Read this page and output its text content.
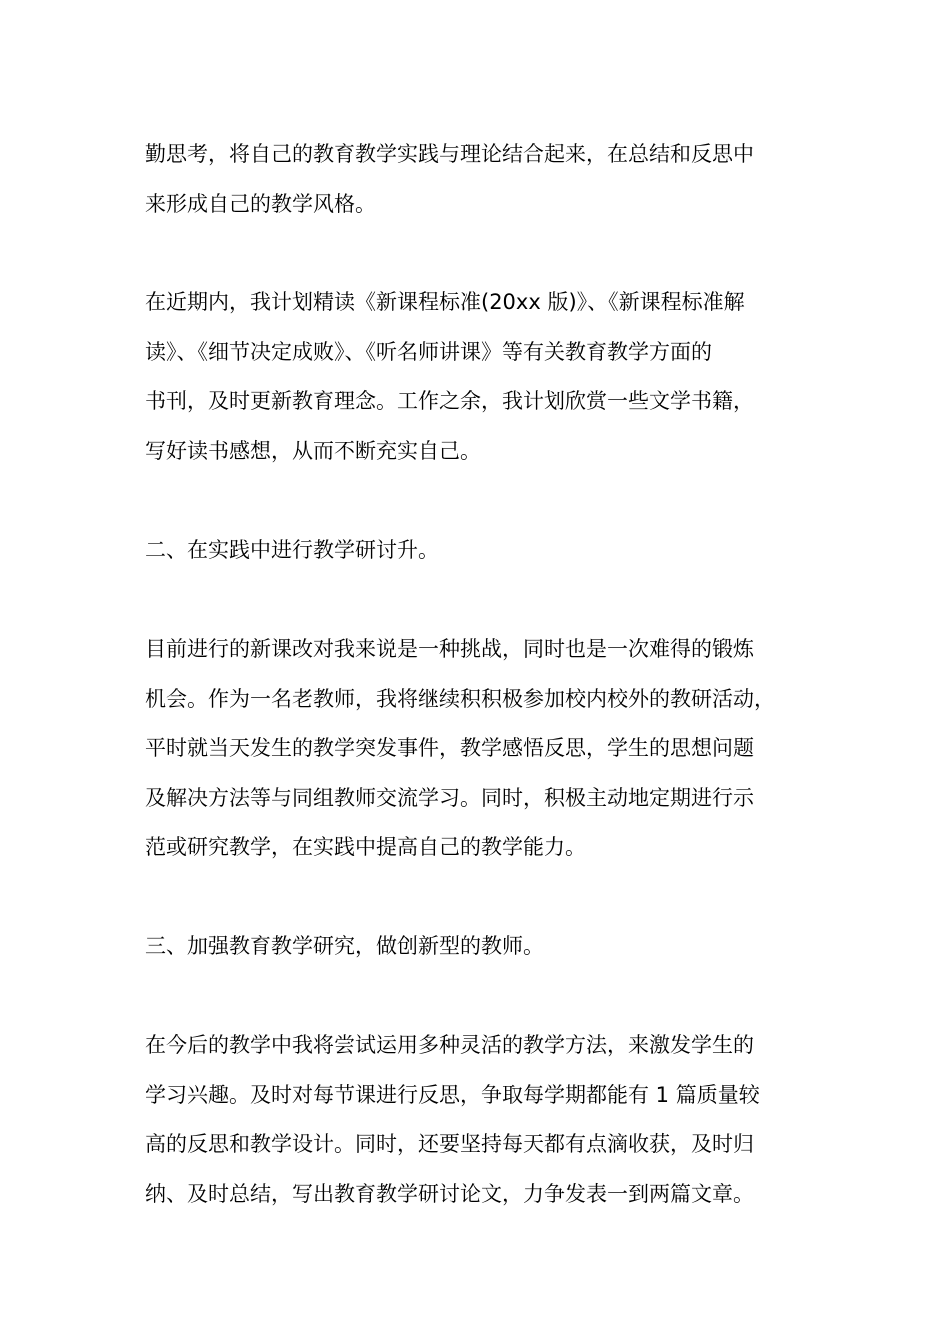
勤思考，将自己的教育教学实践与理论结合起来，在总结和反思中
来形成自己的教学风格。

在近期内，我计划精读《新课程标准(20xx 版)》、《新课程标准解
读》、《细节决定成败》、《听名师讲课》等有关教育教学方面的
书刊，及时更新教育理念。工作之余，我计划欣赏一些文学书籍，
写好读书感想，从而不断充实自己。

二、在实践中进行教学研讨升。

目前进行的新课改对我来说是一种挑战，同时也是一次难得的锻炼
机会。作为一名老教师，我将继续积积极参加校内校外的教研活动，
平时就当天发生的教学突发事件，教学感悟反思，学生的思想问题
及解决方法等与同组教师交流学习。同时，积极主动地定期进行示
范或研究教学，在实践中提高自己的教学能力。

三、加强教育教学研究，做创新型的教师。

在今后的教学中我将尝试运用多种灵活的教学方法，来激发学生的
学习兴趣。及时对每节课进行反思，争取每学期都能有 1 篇质量较
高的反思和教学设计。同时，还要坚持每天都有点滴收获，及时归
纳、及时总结，写出教育教学研讨论文，力争发表一到两篇文章。
